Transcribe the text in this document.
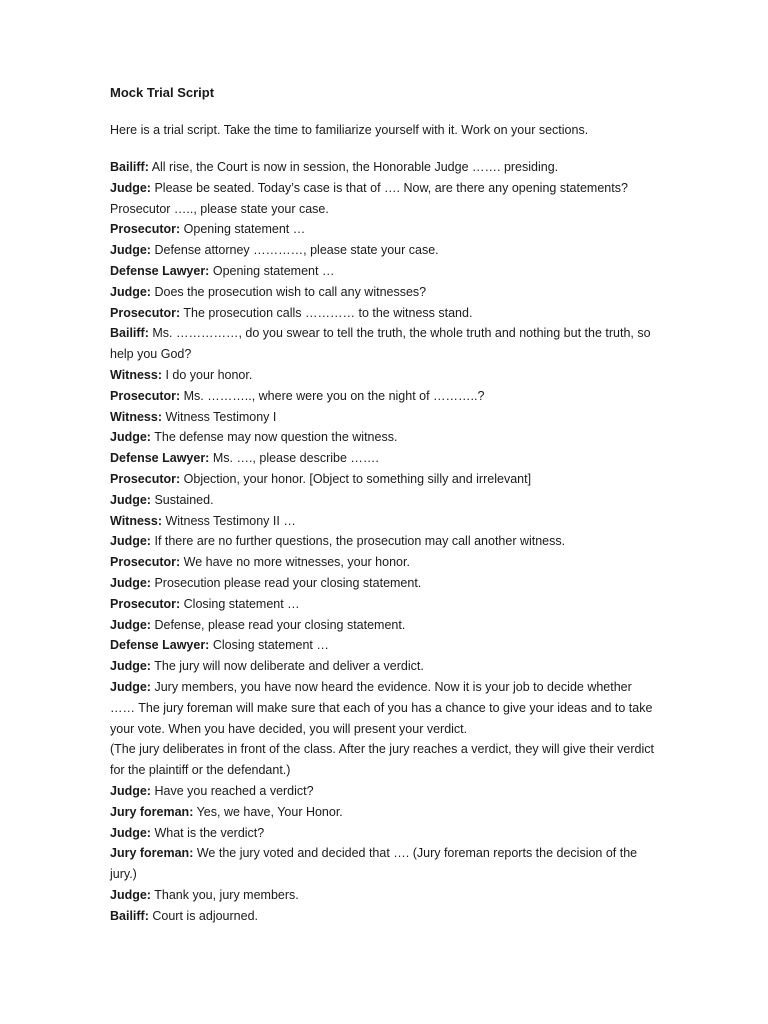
Mock Trial Script

Here is a trial script. Take the time to familiarize yourself with it. Work on your sections.

Bailiff: All rise, the Court is now in session, the Honorable Judge ……. presiding.

Judge: Please be seated. Today’s case is that of …. Now, are there any opening statements? Prosecutor ….., please state your case.

Prosecutor: Opening statement …

Judge: Defense attorney …………, please state your case.

Defense Lawyer: Opening statement …

Judge: Does the prosecution wish to call any witnesses?

Prosecutor: The prosecution calls ………… to the witness stand.

Bailiff: Ms. ……………, do you swear to tell the truth, the whole truth and nothing but the truth, so help you God?

Witness: I do your honor.

Prosecutor: Ms. ……….., where were you on the night of ………..?

Witness: Witness Testimony I

Judge: The defense may now question the witness.

Defense Lawyer: Ms. …., please describe …….

Prosecutor: Objection, your honor. [Object to something silly and irrelevant]

Judge: Sustained.

Witness: Witness Testimony II …

Judge: If there are no further questions, the prosecution may call another witness.

Prosecutor: We have no more witnesses, your honor.

Judge: Prosecution please read your closing statement.

Prosecutor: Closing statement …

Judge: Defense, please read your closing statement.

Defense Lawyer: Closing statement …

Judge: The jury will now deliberate and deliver a verdict.

Judge: Jury members, you have now heard the evidence. Now it is your job to decide whether …… The jury foreman will make sure that each of you has a chance to give your ideas and to take your vote. When you have decided, you will present your verdict.

(The jury deliberates in front of the class. After the jury reaches a verdict, they will give their verdict for the plaintiff or the defendant.)

Judge: Have you reached a verdict?

Jury foreman: Yes, we have, Your Honor.

Judge: What is the verdict?

Jury foreman: We the jury voted and decided that …. (Jury foreman reports the decision of the jury.)

Judge: Thank you, jury members.

Bailiff: Court is adjourned.
